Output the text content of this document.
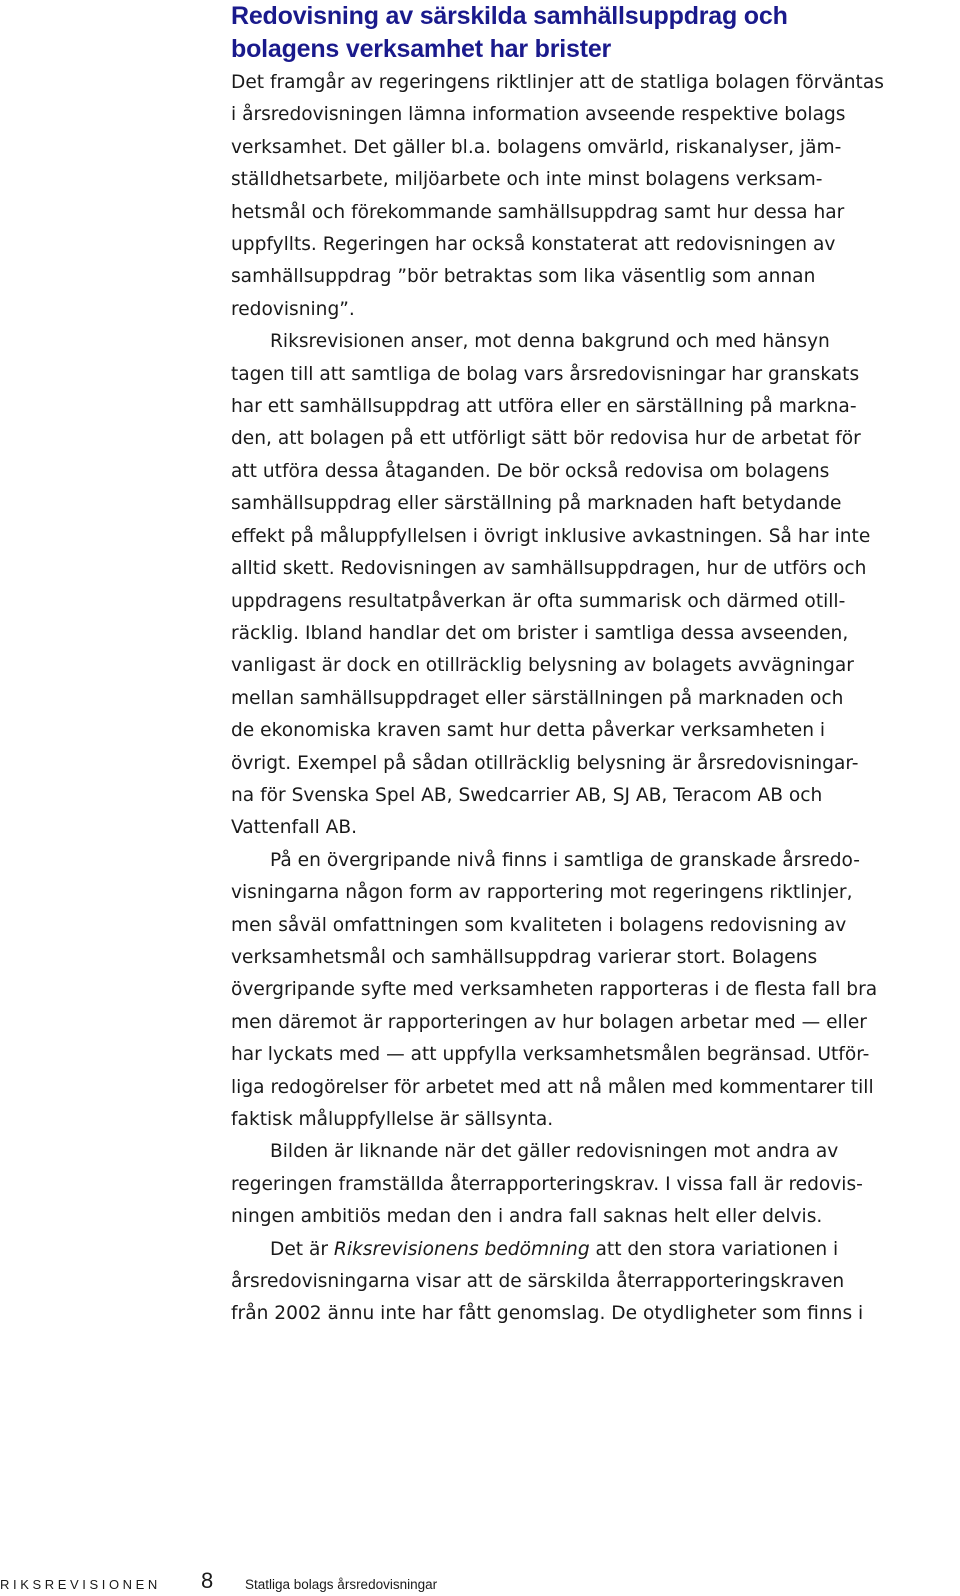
Redovisning av särskilda samhällsuppdrag och
bolagens verksamhet har brister
Det framgår av regeringens riktlinjer att de statliga bolagen förväntas
i årsredovisningen lämna information avseende respektive bolags
verksamhet. Det gäller bl.a. bolagens omvärld, riskanalyser, jäm-
ställdhetsarbete, miljöarbete och inte minst bolagens verksam-
hetsmål och förekommande samhällsuppdrag samt hur dessa har
uppfyllts. Regeringen har också konstaterat att redovisningen av
samhällsuppdrag ”bör betraktas som lika väsentlig som annan
redovisning”.
Riksrevisionen anser, mot denna bakgrund och med hänsyn
tagen till att samtliga de bolag vars årsredovisningar har granskats
har ett samhällsuppdrag att utföra eller en särställning på markna-
den, att bolagen på ett utförligt sätt bör redovisa hur de arbetat för
att utföra dessa åtaganden. De bör också redovisa om bolagens
samhällsuppdrag eller särställning på marknaden haft betydande
effekt på måluppfyllelsen i övrigt inklusive avkastningen. Så har inte
alltid skett. Redovisningen av samhällsuppdragen, hur de utförs och
uppdragens resultatpåverkan är ofta summarisk och därmed otill-
räcklig. Ibland handlar det om brister i samtliga dessa avseenden,
vanligast är dock en otillräcklig belysning av bolagets avvägningar
mellan samhällsuppdraget eller särställningen på marknaden och
de ekonomiska kraven samt hur detta påverkar verksamheten i
övrigt. Exempel på sådan otillräcklig belysning är årsredovisningar-
na för Svenska Spel AB, Swedcarrier AB, SJ AB, Teracom AB och
Vattenfall AB.
På en övergripande nivå finns i samtliga de granskade årsredo-
visningarna någon form av rapportering mot regeringens riktlinjer,
men såväl omfattningen som kvaliteten i bolagens redovisning av
verksamhetsmål och samhällsuppdrag varierar stort. Bolagens
övergripande syfte med verksamheten rapporteras i de flesta fall bra
men däremot är rapporteringen av hur bolagen arbetar med — eller
har lyckats med — att uppfylla verksamhetsmålen begränsad. Utför-
liga redogörelser för arbetet med att nå målen med kommentarer till
faktisk måluppfyllelse är sällsynta.
Bilden är liknande när det gäller redovisningen mot andra av
regeringen framställda återrapporteringskrav. I vissa fall är redovis-
ningen ambitiös medan den i andra fall saknas helt eller delvis.
Det är Riksrevisionens bedömning att den stora variationen i
årsredovisningarna visar att de särskilda återrapporteringskraven
från 2002 ännu inte har fått genomslag. De otydligheter som finns i
RIKSREVISIONEN 8 Statliga bolags årsredovisningar
